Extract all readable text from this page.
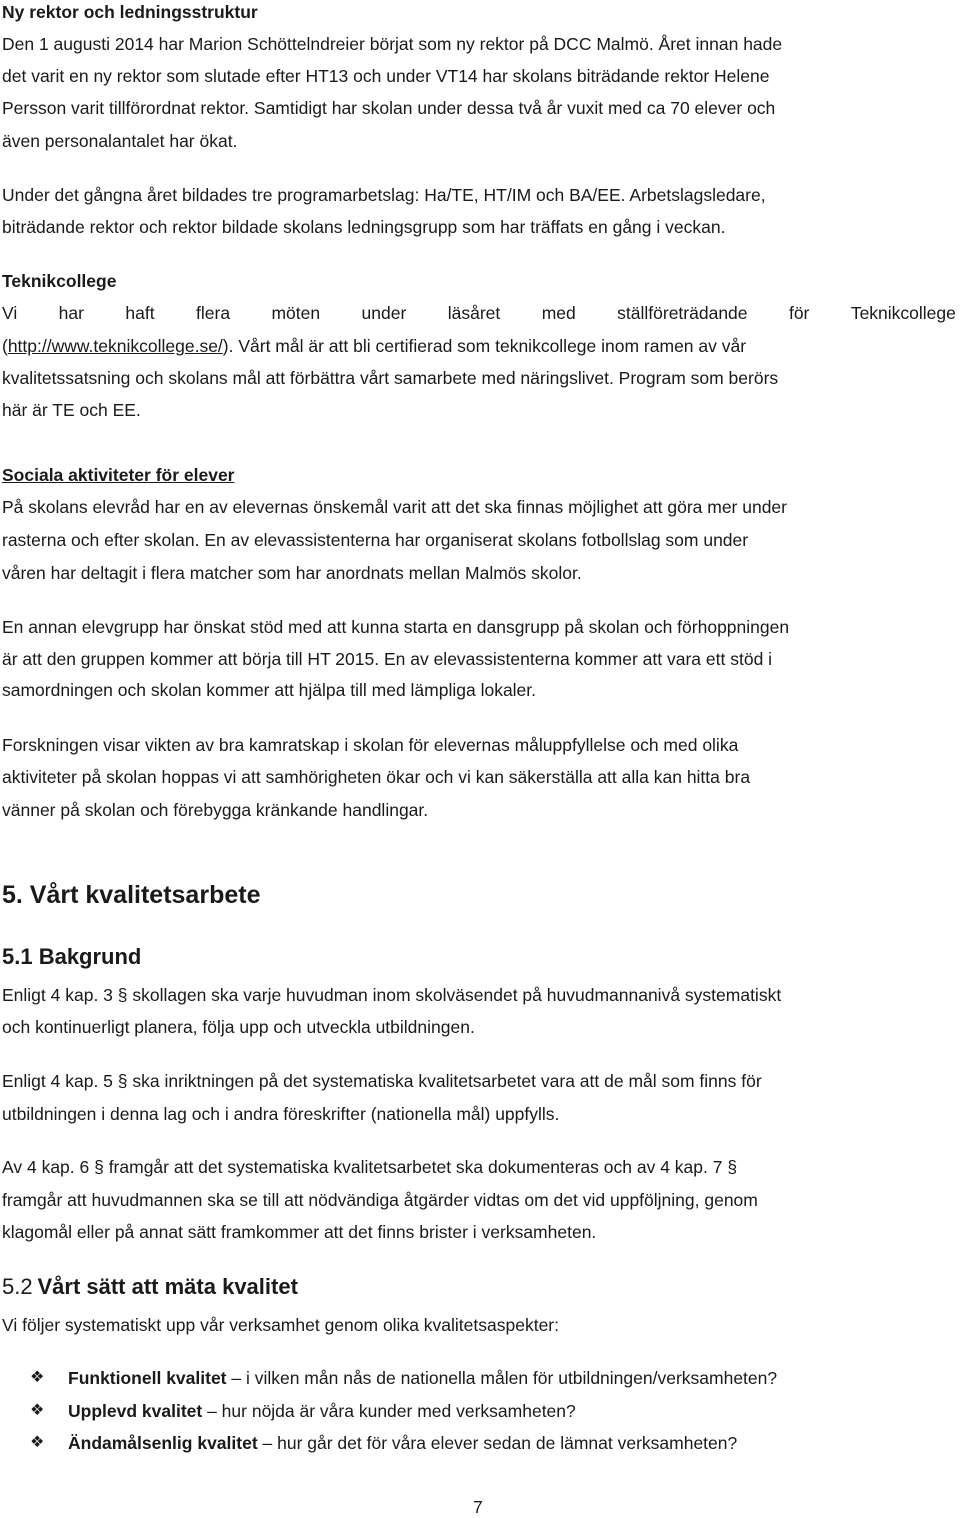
Ny rektor och ledningsstruktur
Den 1 augusti 2014 har Marion Schöttelndreier börjat som ny rektor på DCC Malmö. Året innan hade
det varit en ny rektor som slutade efter HT13 och under VT14 har skolans biträdande rektor Helene
Persson varit tillförordnat rektor. Samtidigt har skolan under dessa två år vuxit med ca 70 elever och
även personalantalet har ökat.
Under det gångna året bildades tre programarbetslag: Ha/TE, HT/IM och BA/EE. Arbetslagsledare,
biträdande rektor och rektor bildade skolans ledningsgrupp som har träffats en gång i veckan.
Teknikcollege
Vi har haft flera möten under läsåret med ställföreträdande för Teknikcollege
(http://www.teknikcollege.se/). Vårt mål är att bli certifierad som teknikcollege inom ramen av vår
kvalitetssatsning och skolans mål att förbättra vårt samarbete med näringslivet. Program som berörs
här är TE och EE.
Sociala aktiviteter för elever
På skolans elevråd har en av elevernas önskemål varit att det ska finnas möjlighet att göra mer under
rasterna och efter skolan. En av elevassistenterna har organiserat skolans fotbollslag som under
våren har deltagit i flera matcher som har anordnats mellan Malmös skolor.
En annan elevgrupp har önskat stöd med att kunna starta en dansgrupp på skolan och förhoppningen
är att den gruppen kommer att börja till HT 2015. En av elevassistenterna kommer att vara ett stöd i
samordningen och skolan kommer att hjälpa till med lämpliga lokaler.
Forskningen visar vikten av bra kamratskap i skolan för elevernas måluppfyllelse och med olika
aktiviteter på skolan hoppas vi att samhörigheten ökar och vi kan säkerställa att alla kan hitta bra
vänner på skolan och förebygga kränkande handlingar.
5. Vårt kvalitetsarbete
5.1 Bakgrund
Enligt 4 kap. 3 § skollagen ska varje huvudman inom skolväsendet på huvudmannanivå systematiskt
och kontinuerligt planera, följa upp och utveckla utbildningen.
Enligt 4 kap. 5 § ska inriktningen på det systematiska kvalitetsarbetet vara att de mål som finns för
utbildningen i denna lag och i andra föreskrifter (nationella mål) uppfylls.
Av 4 kap. 6 § framgår att det systematiska kvalitetsarbetet ska dokumenteras och av 4 kap. 7 §
framgår att huvudmannen ska se till att nödvändiga åtgärder vidtas om det vid uppföljning, genom
klagomål eller på annat sätt framkommer att det finns brister i verksamheten.
5.2 Vårt sätt att mäta kvalitet
Vi följer systematiskt upp vår verksamhet genom olika kvalitetsaspekter:
❖ Funktionell kvalitet – i vilken mån nås de nationella målen för utbildningen/verksamheten?
❖ Upplevd kvalitet – hur nöjda är våra kunder med verksamheten?
❖ Ändamålsenlig kvalitet – hur går det för våra elever sedan de lämnat verksamheten?
7
